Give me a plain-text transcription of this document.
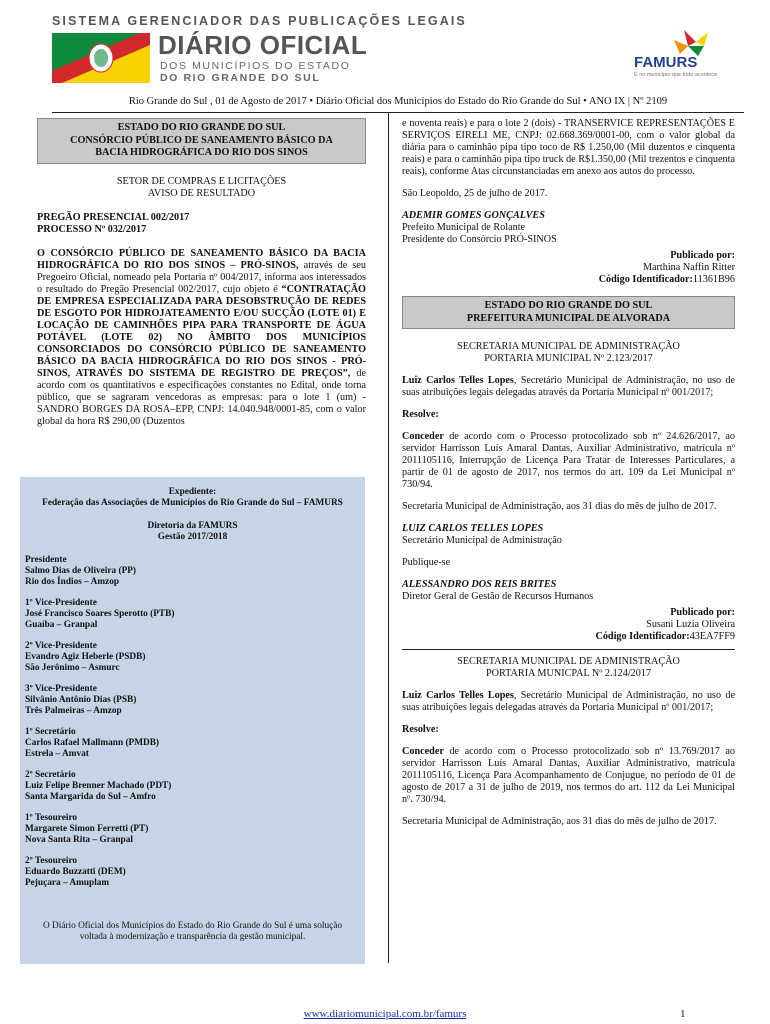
SISTEMA GERENCIADOR DAS PUBLICAÇÕES LEGAIS
DIÁRIO OFICIAL
DOS MUNICÍPIOS DO ESTADO
DO RIO GRANDE DO SUL
FAMURS
É no município que tudo acontece
Rio Grande do Sul , 01 de Agosto de 2017 • Diário Oficial dos Municípios do Estado do Rio Grande do Sul • ANO IX | Nº 2109
ESTADO DO RIO GRANDE DO SUL
CONSÓRCIO PÚBLICO DE SANEAMENTO BÁSICO DA
BACIA HIDROGRÁFICA DO RIO DOS SINOS
SETOR DE COMPRAS E LICITAÇÕES
AVISO DE RESULTADO
PREGÃO PRESENCIAL 002/2017
PROCESSO Nº 032/2017
O CONSÓRCIO PÚBLICO DE SANEAMENTO BÁSICO DA BACIA HIDROGRÁFICA DO RIO DOS SINOS – PRÓ-SINOS, através de seu Pregoeiro Oficial, nomeado pela Portaria nº 004/2017, informa aos interessados o resultado do Pregão Presencial 002/2017, cujo objeto é “CONTRATAÇÃO DE EMPRESA ESPECIALIZADA PARA DESOBSTRUÇÃO DE REDES DE ESGOTO POR HIDROJATEAMENTO E/OU SUCÇÃO (LOTE 01) E LOCAÇÃO DE CAMINHÕES PIPA PARA TRANSPORTE DE ÁGUA POTÁVEL (LOTE 02) NO ÂMBITO DOS MUNICÍPIOS CONSORCIADOS DO CONSÓRCIO PÚBLICO DE SANEAMENTO BÁSICO DA BACIA HIDROGRÁFICA DO RIO DOS SINOS - PRÓ-SINOS, ATRAVÉS DO SISTEMA DE REGISTRO DE PREÇOS”, de acordo com os quantitativos e especificações constantes no Edital, onde torna público, que se sagraram vencedoras as empresas: para o lote 1 (um) - SANDRO BORGES DA ROSA–EPP, CNPJ: 14.040.948/0001-85, com o valor global da hora R$ 290,00 (Duzentos
Expediente:
Federação das Associações de Municípios do Rio Grande do Sul – FAMURS
Diretoria da FAMURS
Gestão 2017/2018
Presidente
Salmo Dias de Oliveira (PP)
Rio dos Índios – Amzop
1º Vice-Presidente
José Francisco Soares Sperotto (PTB)
Guaíba – Granpal
2º Vice-Presidente
Evandro Agiz Heberle (PSDB)
São Jerônimo – Asmurc
3º Vice-Presidente
Silvânio Antônio Dias (PSB)
Três Palmeiras – Amzop
1º Secretário
Carlos Rafael Mallmann (PMDB)
Estrela – Amvat
2º Secretário
Luiz Felipe Brenner Machado (PDT)
Santa Margarida do Sul – Amfro
1º Tesoureiro
Margarete Simon Ferretti (PT)
Nova Santa Rita – Granpal
2º Tesoureiro
Eduardo Buzzatti (DEM)
Pejuçara – Amuplam
O Diário Oficial dos Municípios do Estado do Rio Grande do Sul é uma solução
voltada à modernização e transparência da gestão municipal.
e noventa reais) e para o lote 2 (dois) - TRANSERVICE REPRESENTAÇÕES E SERVIÇOS EIRELI ME, CNPJ: 02.668.369/0001-00, com o valor global da diária para o caminhão pipa tipo toco de R$ 1.250,00 (Mil duzentos e cinquenta reais) e para o caminhão pipa tipo truck de R$1.350,00 (Mil trezentos e cinquenta reais), conforme Atas circunstanciadas em anexo aos autos do processo.
São Leopoldo, 25 de julho de 2017.
ADEMIR GOMES GONÇALVES
Prefeito Municipal de Rolante
Presidente do Consórcio PRÓ-SINOS
Publicado por:
Marthina Naffin Ritter
Código Identificador:11361B96
ESTADO DO RIO GRANDE DO SUL
PREFEITURA MUNICIPAL DE ALVORADA
SECRETARIA MUNICIPAL DE ADMINISTRAÇÃO
PORTARIA MUNICIPAL Nº 2.123/2017
Luiz Carlos Telles Lopes, Secretário Municipal de Administração, no uso de suas atribuições legais delegadas através da Portaria Municipal nº 001/2017;
Resolve:
Conceder de acordo com o Processo protocolizado sob nº 24.626/2017, ao servidor Harrisson Luís Amaral Dantas, Auxiliar Administrativo, matrícula nº 2011105116, Interrupção de Licença Para Tratar de Interesses Particulares, a partir de 01 de agosto de 2017, nos termos do art. 109 da Lei Municipal nº 730/94.
Secretaria Municipal de Administração, aos 31 dias do mês de julho de 2017.
LUIZ CARLOS TELLES LOPES
Secretário Municipal de Administração
Publique-se
ALESSANDRO DOS REIS BRITES
Diretor Geral de Gestão de Recursos Humanos
Publicado por:
Susani Luzia Oliveira
Código Identificador:43EA7FF9
SECRETARIA MUNICIPAL DE ADMINISTRAÇÃO
PORTARIA MUNICPAL Nº 2.124/2017
Luiz Carlos Telles Lopes, Secretário Municipal de Administração, no uso de suas atribuições legais delegadas através da Portaria Municipal nº 001/2017;
Resolve:
Conceder de acordo com o Processo protocolizado sob nº 13.769/2017 ao servidor Harrisson Luís Amaral Dantas, Auxiliar Administrativo, matrícula 2011105116, Licença Para Acompanhamento de Conjugue, no período de 01 de agosto de 2017 a 31 de julho de 2019, nos termos do art. 112 da Lei Municipal nº. 730/94.
Secretaria Municipal de Administração, aos 31 dias do mês de julho de 2017.
www.diariomunicipal.com.br/famurs	1
